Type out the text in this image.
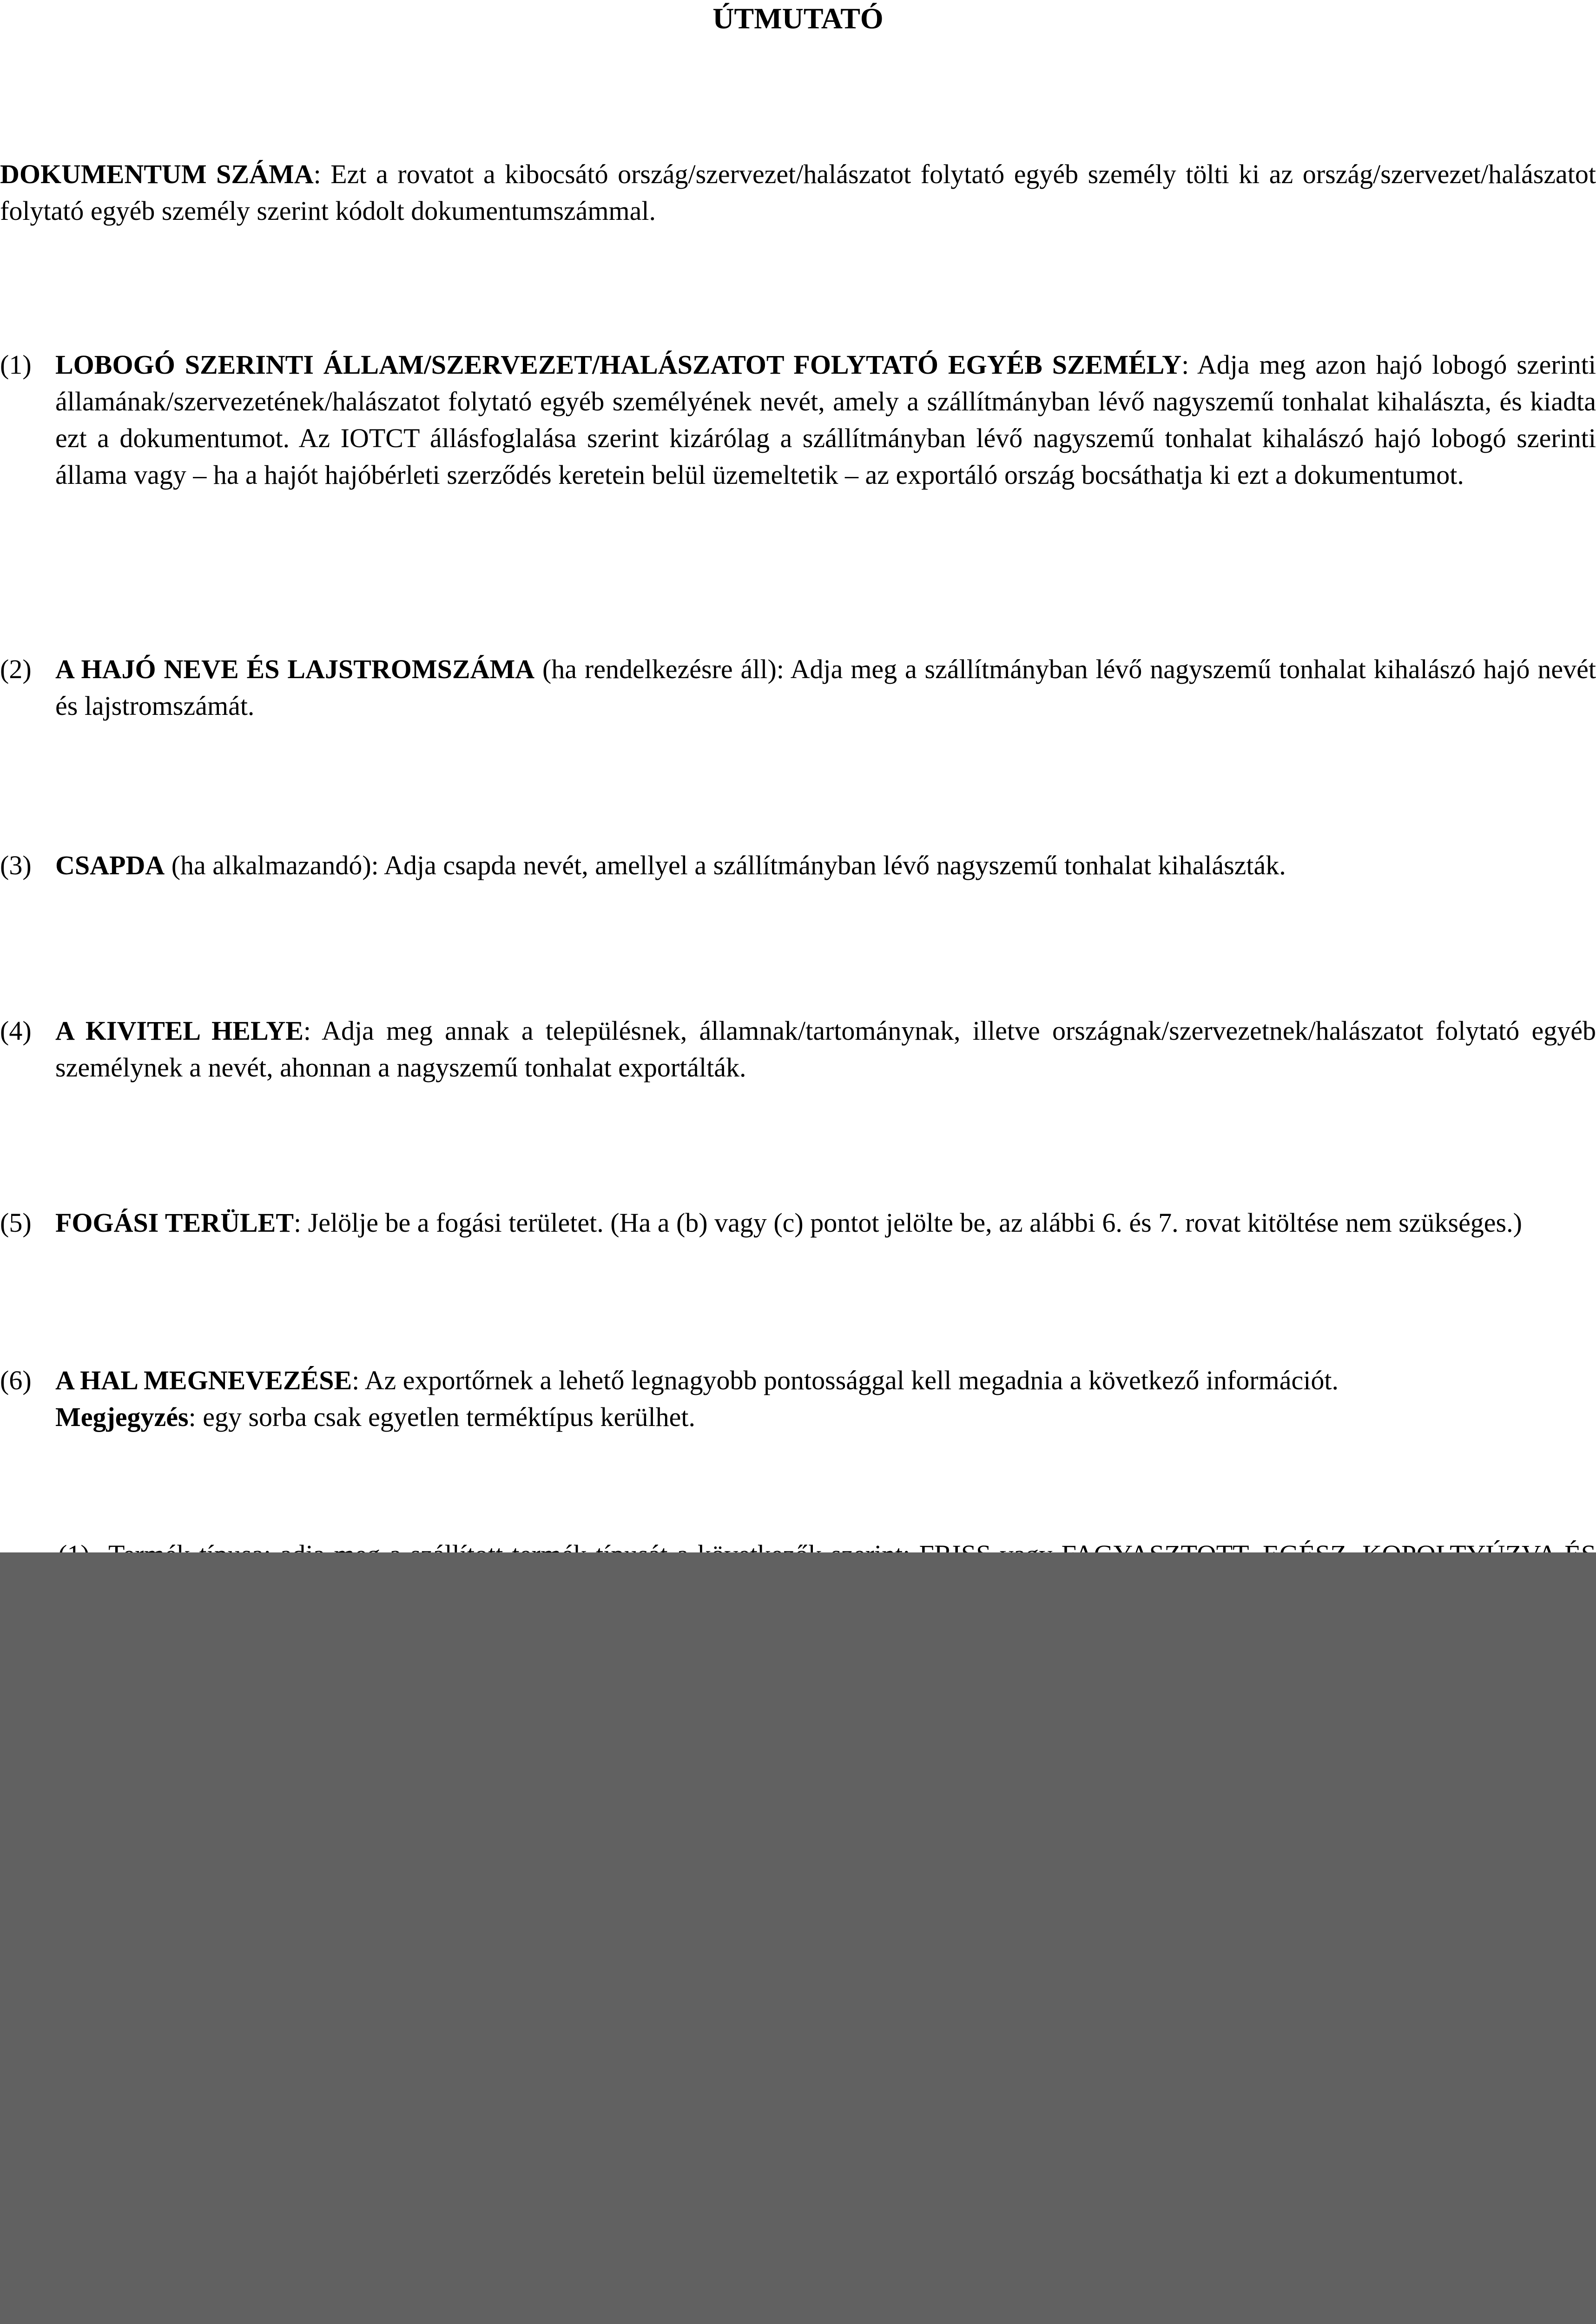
ÚTMUTATÓ
DOKUMENTUM SZÁMA: Ezt a rovatot a kibocsátó ország/szervezet/halászatot folytató egyéb személy tölti ki az ország/szervezet/halászatot folytató egyéb személy szerint kódolt dokumentumszámmal.
(1) LOBOGÓ SZERINTI ÁLLAM/SZERVEZET/HALÁSZATOT FOLYTATÓ EGYÉB SZEMÉLY: Adja meg azon hajó lobogó szerinti államának/szervezetének/halászatot folytató egyéb személyének nevét, amely a szállítmányban lévő nagyszemű tonhalat kihalászta, és kiadta ezt a dokumentumot. Az IOTCT állásfoglalása szerint kizárólag a szállítmányban lévő nagyszemű tonhalat kihalászó hajó lobogó szerinti állama vagy – ha a hajót hajóbérleti szerződés keretein belül üzemeltetik – az exportáló ország bocsáthatja ki ezt a dokumentumot.
(2) A HAJÓ NEVE ÉS LAJSTROMSZÁMA (ha rendelkezésre áll): Adja meg a szállítmányban lévő nagyszemű tonhalat kihalászó hajó nevét és lajstromszámát.
(3) CSAPDA (ha alkalmazandó): Adja csapda nevét, amellyel a szállítmányban lévő nagyszemű tonhalat kihalászták.
(4) A KIVITEL HELYE: Adja meg annak a településnek, államnak/tartománynak, illetve országnak/szervezetnek/halászatot folytató egyéb személynek a nevét, ahonnan a nagyszemű tonhalat exportálták.
(5) FOGÁSI TERÜLET: Jelölje be a fogási területet. (Ha a (b) vagy (c) pontot jelölte be, az alábbi 6. és 7. rovat kitöltése nem szükséges.)
(6) A HAL MEGNEVEZÉSE: Az exportőrnek a lehető legnagyobb pontossággal kell megadnia a következő információt.
Megjegyzés: egy sorba csak egyetlen terméktípus kerülhet.
